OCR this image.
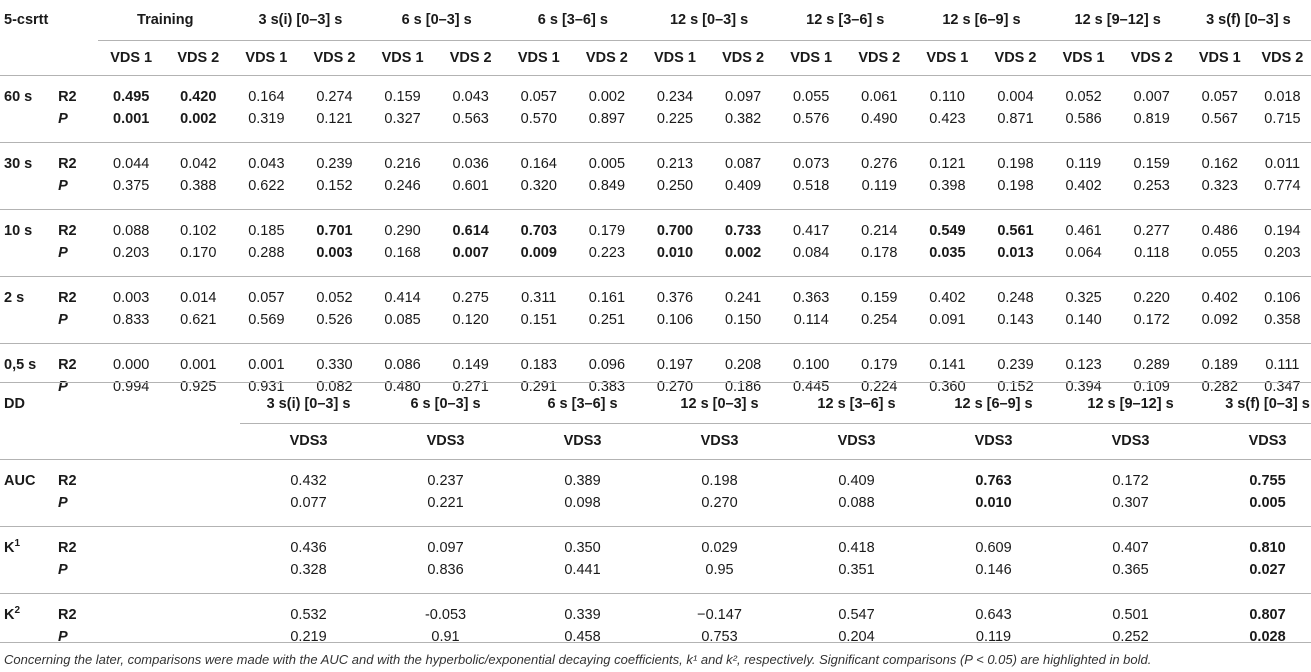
5-csrtt		Training		3 s(i) [0–3] s		6 s [0–3] s		6 s [3–6] s		12 s [0–3] s		12 s [3–6] s		12 s [6–9] s		12 s [9–12] s		3 s(f) [0–3] s	
		VDS 1	VDS 2	VDS 1	VDS 2	VDS 1	VDS 2	VDS 1	VDS 2	VDS 1	VDS 2	VDS 1	VDS 2	VDS 1	VDS 2	VDS 1	VDS 2	VDS 1	VDS 2
60 s	R2	0.495	0.420	0.164	0.274	0.159	0.043	0.057	0.002	0.234	0.097	0.055	0.061	0.110	0.004	0.052	0.007	0.057	0.018
	P	0.001	0.002	0.319	0.121	0.327	0.563	0.570	0.897	0.225	0.382	0.576	0.490	0.423	0.871	0.586	0.819	0.567	0.715
30 s	R2	0.044	0.042	0.043	0.239	0.216	0.036	0.164	0.005	0.213	0.087	0.073	0.276	0.121	0.198	0.119	0.159	0.162	0.011
	P	0.375	0.388	0.622	0.152	0.246	0.601	0.320	0.849	0.250	0.409	0.518	0.119	0.398	0.198	0.402	0.253	0.323	0.774
10 s	R2	0.088	0.102	0.185	0.701	0.290	0.614	0.703	0.179	0.700	0.733	0.417	0.214	0.549	0.561	0.461	0.277	0.486	0.194
	P	0.203	0.170	0.288	0.003	0.168	0.007	0.009	0.223	0.010	0.002	0.084	0.178	0.035	0.013	0.064	0.118	0.055	0.203
2 s	R2	0.003	0.014	0.057	0.052	0.414	0.275	0.311	0.161	0.376	0.241	0.363	0.159	0.402	0.248	0.325	0.220	0.402	0.106
	P	0.833	0.621	0.569	0.526	0.085	0.120	0.151	0.251	0.106	0.150	0.114	0.254	0.091	0.143	0.140	0.172	0.092	0.358
0,5 s	R2	0.000	0.001	0.001	0.330	0.086	0.149	0.183	0.096	0.197	0.208	0.100	0.179	0.141	0.239	0.123	0.289	0.189	0.111
	P	0.994	0.925	0.931	0.082	0.480	0.271	0.291	0.383	0.270	0.186	0.445	0.224	0.360	0.152	0.394	0.109	0.282	0.347
DD			3 s(i) [0–3] s	6 s [0–3] s	6 s [3–6] s	12 s [0–3] s	12 s [3–6] s	12 s [6–9] s	12 s [9–12] s	3 s(f) [0–3] s	
			VDS3	VDS3	VDS3	VDS3	VDS3	VDS3	VDS3	VDS3	
AUC	R2		0.432	0.237	0.389	0.198	0.409	0.763	0.172	0.755	
	P		0.077	0.221	0.098	0.270	0.088	0.010	0.307	0.005	
$K^1$	R2		0.436	0.097	0.350	0.029	0.418	0.609	0.407	0.810	
	P		0.328	0.836	0.441	0.95	0.351	0.146	0.365	0.027	
$K^2$	R2		0.532	-0.053	0.339	−0.147	0.547	0.643	0.501	0.807	
	P		0.219	0.91	0.458	0.753	0.204	0.119	0.252	0.028	
Concerning the later, comparisons were made with the AUC and with the hyperbolic/exponential decaying coefficients, k¹ and k², respectively. Significant comparisons (P < 0.05) are highlighted in bold.
